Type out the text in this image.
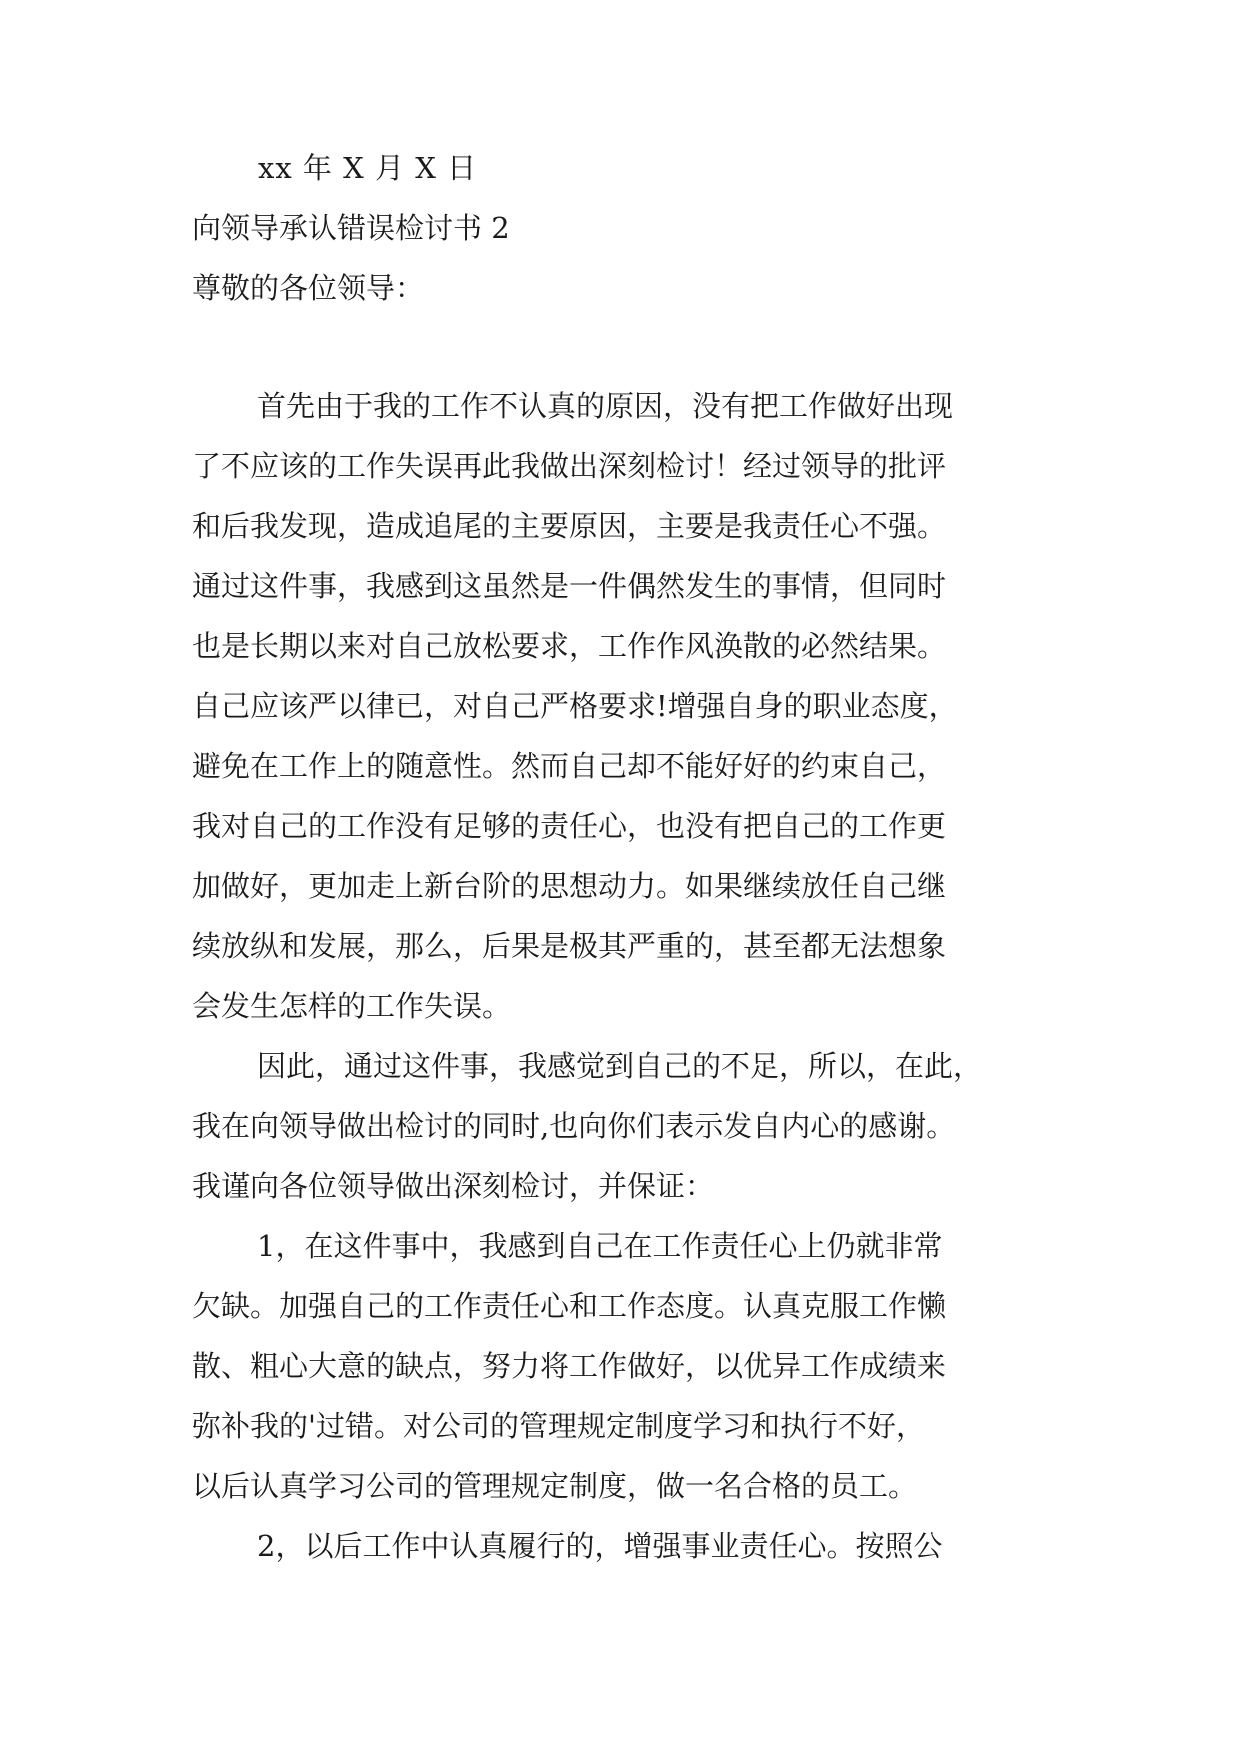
xx 年 X 月 X 日
向领导承认错误检讨书 2
尊敬的各位领导：
首先由于我的工作不认真的原因，没有把工作做好出现
了不应该的工作失误再此我做出深刻检讨！经过领导的批评
和后我发现，造成追尾的主要原因，主要是我责任心不强。
通过这件事，我感到这虽然是一件偶然发生的事情，但同时
也是长期以来对自己放松要求，工作作风涣散的必然结果。
自己应该严以律已，对自己严格要求!增强自身的职业态度，
避免在工作上的随意性。然而自己却不能好好的约束自己，
我对自己的工作没有足够的责任心，也没有把自己的工作更
加做好，更加走上新台阶的思想动力。如果继续放任自己继
续放纵和发展，那么，后果是极其严重的，甚至都无法想象
会发生怎样的工作失误。
因此，通过这件事，我感觉到自己的不足，所以，在此，
我在向领导做出检讨的同时,也向你们表示发自内心的感谢。
我谨向各位领导做出深刻检讨，并保证：
1，在这件事中，我感到自己在工作责任心上仍就非常
欠缺。加强自己的工作责任心和工作态度。认真克服工作懒
散、粗心大意的缺点，努力将工作做好，以优异工作成绩来
弥补我的'过错。对公司的管理规定制度学习和执行不好，
以后认真学习公司的管理规定制度，做一名合格的员工。
2，以后工作中认真履行的，增强事业责任心。按照公
